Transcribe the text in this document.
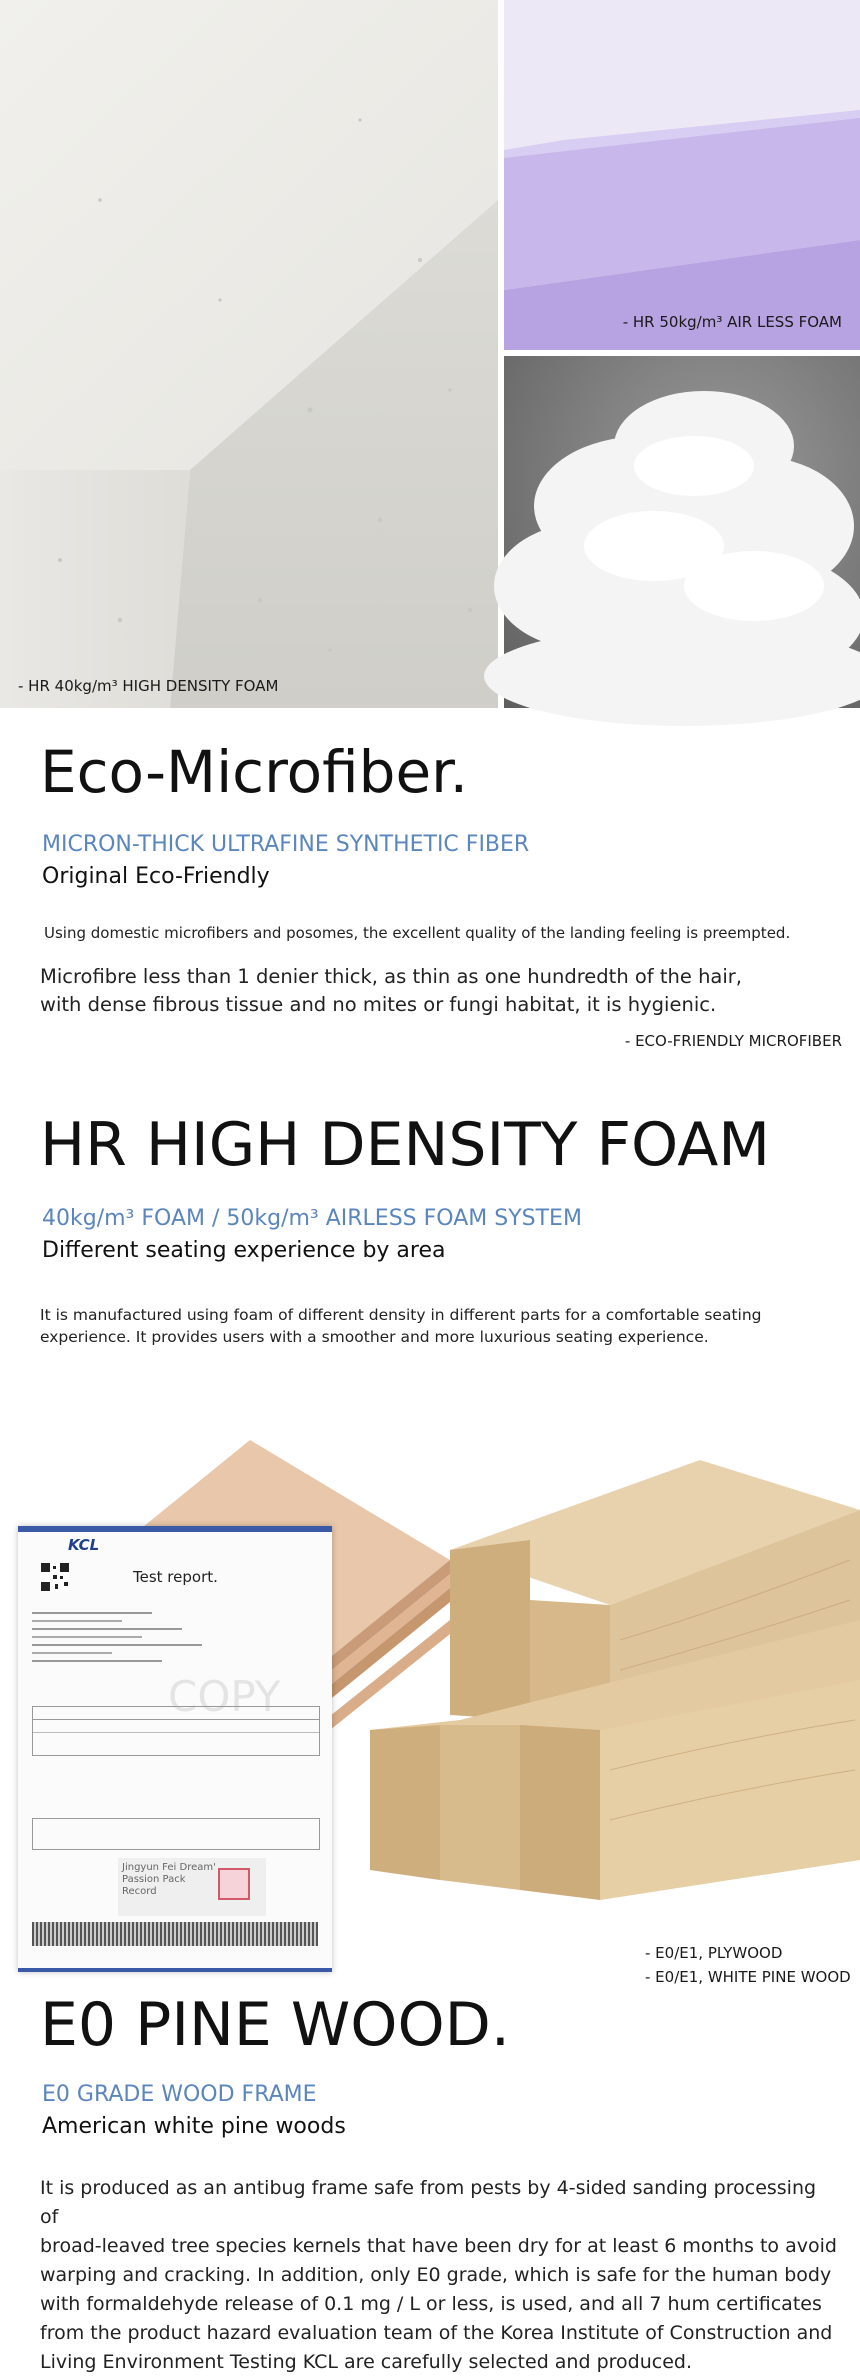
- HR 40kg/m³ HIGH DENSITY FOAM
- HR 50kg/m³ AIR LESS FOAM
- ECO-FRIENDLY MICROFIBER
Eco-Microfiber.

MICRON-THICK ULTRAFINE SYNTHETIC FIBER

Original Eco-Friendly

Using domestic microfibers and posomes, the excellent quality of the landing feeling is preempted.

Microfibre less than 1 denier thick, as thin as one hundredth of the hair,

with dense fibrous tissue and no mites or fungi habitat, it is hygienic.

HR HIGH DENSITY FOAM

40kg/m³ FOAM / 50kg/m³ AIRLESS FOAM SYSTEM

Different seating experience by area

It is manufactured using foam of different density in different parts for a comfortable seating

experience. It provides users with a smoother and more luxurious seating experience.

KCL
Test report.
COPY
Jingyun Fei Dream'
Passion Pack
Record
- E0/E1, PLYWOOD
- E0/E1, WHITE PINE WOOD
E0 PINE WOOD.

E0 GRADE WOOD FRAME

American white pine woods

It is produced as an antibug frame safe from pests by 4-sided sanding processing of
broad-leaved tree species kernels that have been dry for at least 6 months to avoid
warping and cracking. In addition, only E0 grade, which is safe for the human body
with formaldehyde release of 0.1 mg / L or less, is used, and all 7 hum certificates
from the product hazard evaluation team of the Korea Institute of Construction and
Living Environment Testing KCL are carefully selected and produced.
